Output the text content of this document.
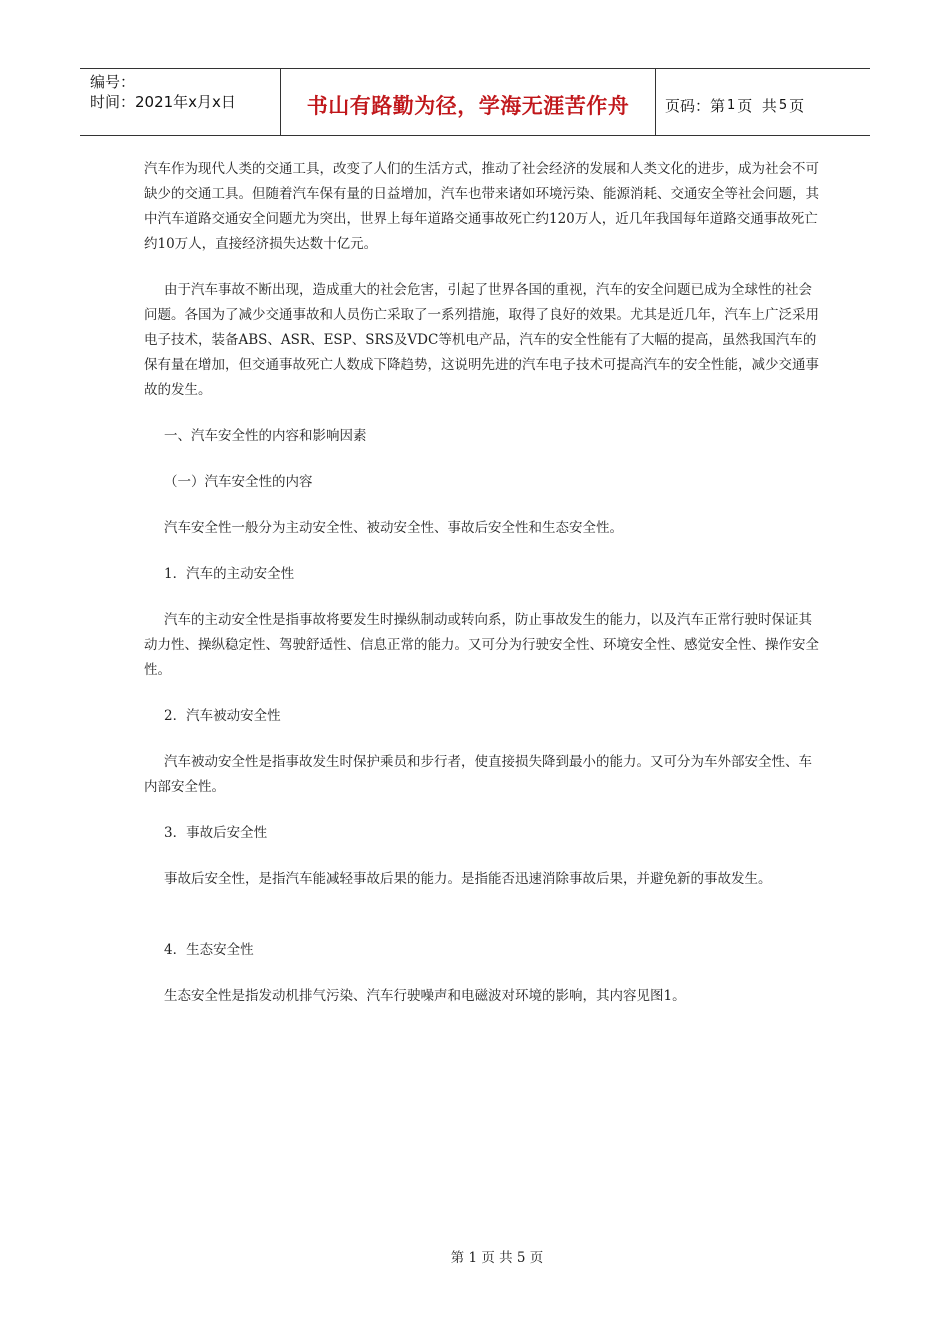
编号：
时间：2021年x月x日	书山有路勤为径，学海无涯苦作舟	页码：第 1 页  共 5 页

汽车作为现代人类的交通工具，改变了人们的生活方式，推动了社会经济的发展和人类文化的进步，成为社会不可缺少的交通工具。但随着汽车保有量的日益增加，汽车也带来诸如环境污染、能源消耗、交通安全等社会问题，其中汽车道路交通安全问题尤为突出，世界上每年道路交通事故死亡约120万人，近几年我国每年道路交通事故死亡约10万人，直接经济损失达数十亿元。

由于汽车事故不断出现，造成重大的社会危害，引起了世界各国的重视，汽车的安全问题已成为全球性的社会问题。各国为了减少交通事故和人员伤亡采取了一系列措施，取得了良好的效果。尤其是近几年，汽车上广泛采用电子技术，装备ABS、ASR、ESP、SRS及VDC等机电产品，汽车的安全性能有了大幅的提高，虽然我国汽车的保有量在增加，但交通事故死亡人数成下降趋势，这说明先进的汽车电子技术可提高汽车的安全性能，减少交通事故的发生。

一、汽车安全性的内容和影响因素

（一）汽车安全性的内容

汽车安全性一般分为主动安全性、被动安全性、事故后安全性和生态安全性。

1．汽车的主动安全性

汽车的主动安全性是指事故将要发生时操纵制动或转向系，防止事故发生的能力，以及汽车正常行驶时保证其动力性、操纵稳定性、驾驶舒适性、信息正常的能力。又可分为行驶安全性、环境安全性、感觉安全性、操作安全性。

2．汽车被动安全性

汽车被动安全性是指事故发生时保护乘员和步行者，使直接损失降到最小的能力。又可分为车外部安全性、车内部安全性。

3．事故后安全性

事故后安全性，是指汽车能减轻事故后果的能力。是指能否迅速消除事故后果，并避免新的事故发生。

4．生态安全性

生态安全性是指发动机排气污染、汽车行驶噪声和电磁波对环境的影响，其内容见图1。

第 1 页 共 5 页
